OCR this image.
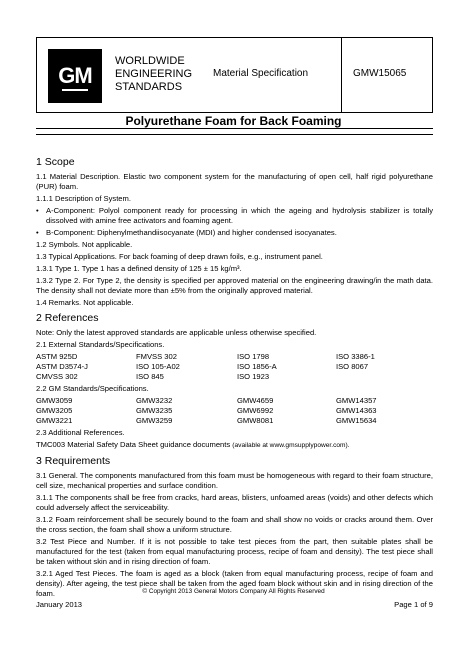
GM
WORLDWIDE
ENGINEERING
STANDARDS
Material Specification	GMW15065
Polyurethane Foam for Back Foaming
1 Scope

1.1 Material Description. Elastic two component system for the manufacturing of open cell, half rigid polyurethane (PUR) foam.

1.1.1 Description of System.

• A-Component: Polyol component ready for processing in which the ageing and hydrolysis stabilizer is totally dissolved with amine free activators and foaming agent.
• B-Component: Diphenylmethandiisocyanate (MDI) and higher condensed isocyanates.

1.2 Symbols. Not applicable.

1.3 Typical Applications. For back foaming of deep drawn foils, e.g., instrument panel.

1.3.1 Type 1. Type 1 has a defined density of 125 ± 15 kg/m³.

1.3.2 Type 2. For Type 2, the density is specified per approved material on the engineering drawing/in the math data. The density shall not deviate more than ±5% from the originally approved material.

1.4 Remarks. Not applicable.

2 References

Note: Only the latest approved standards are applicable unless otherwise specified.

2.1 External Standards/Specifications.

ASTM 925D	FMVSS 302	ISO 1798	ISO 3386-1
ASTM D3574-J	ISO 105-A02	ISO 1856-A	ISO 8067
CMVSS 302	ISO 845	ISO 1923

2.2 GM Standards/Specifications.

GMW3059	GMW3232	GMW4659	GMW14357
GMW3205	GMW3235	GMW6992	GMW14363
GMW3221	GMW3259	GMW8081	GMW15634

2.3 Additional References.

TMC003 Material Safety Data Sheet guidance documents (available at www.gmsupplypower.com).

3 Requirements

3.1 General. The components manufactured from this foam must be homogeneous with regard to their foam structure, cell size, mechanical properties and surface condition.

3.1.1 The components shall be free from cracks, hard areas, blisters, unfoamed areas (voids) and other defects which could adversely affect the serviceability.

3.1.2 Foam reinforcement shall be securely bound to the foam and shall show no voids or cracks around them. Over the cross section, the foam shall show a uniform structure.

3.2 Test Piece and Number. If it is not possible to take test pieces from the part, then suitable plates shall be manufactured for the test (taken from equal manufacturing process, recipe of foam and density). The test piece shall be taken without skin and in rising direction of foam.

3.2.1 Aged Test Pieces. The foam is aged as a block (taken from equal manufacturing process, recipe of foam and density). After ageing, the test piece shall be taken from the aged foam block without skin and in rising direction of the foam.	© Copyright 2013 General Motors Company All Rights Reserved
January 2013	Page 1 of 9
